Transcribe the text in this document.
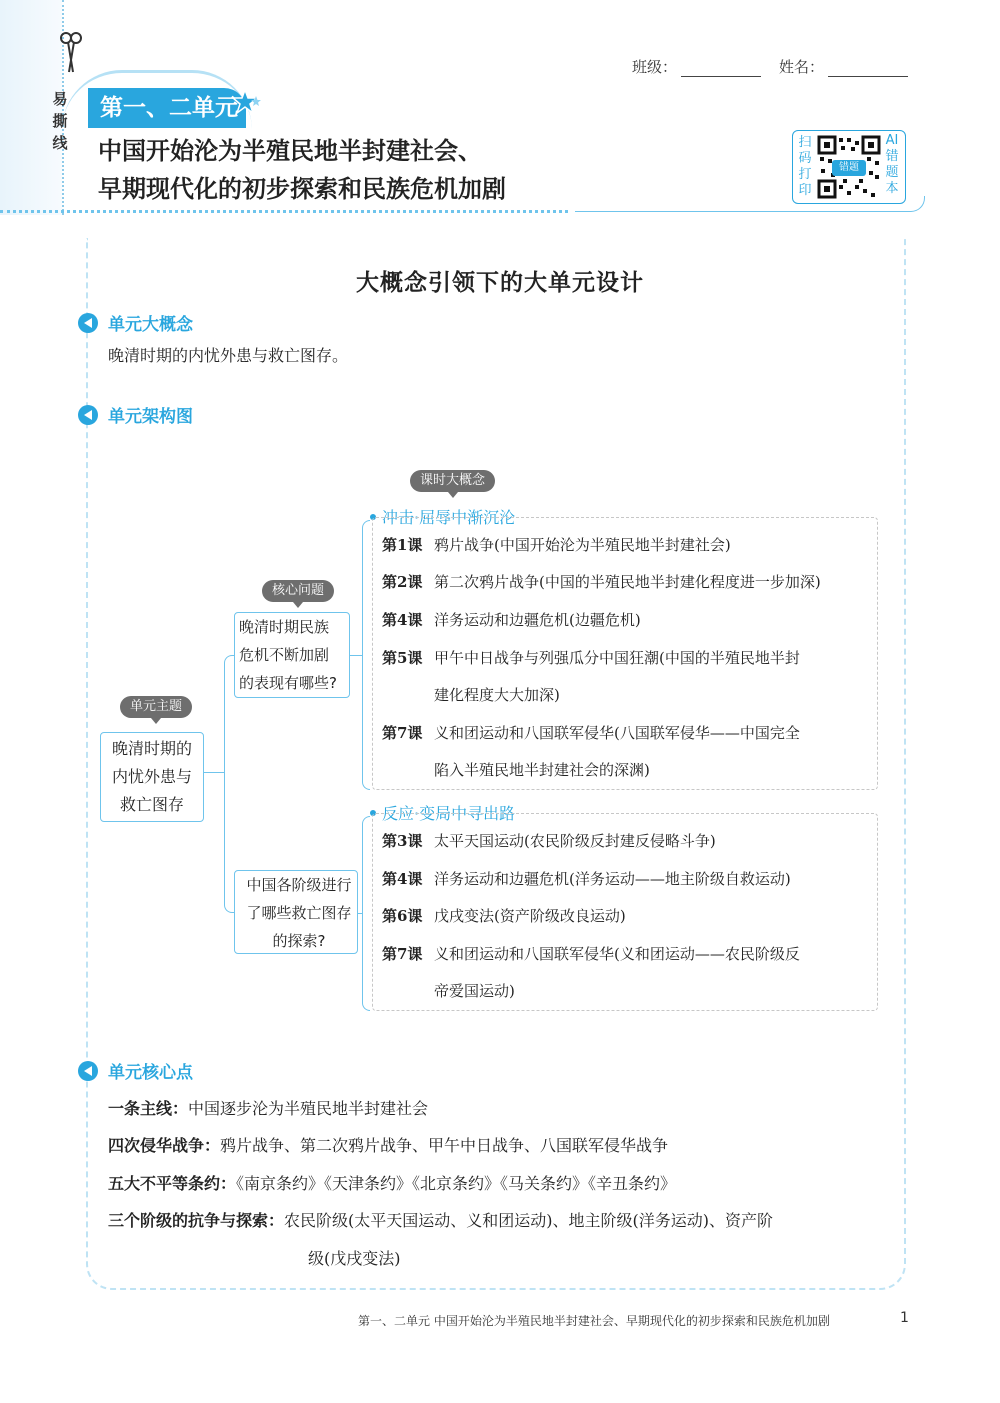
易撕线
班级：	姓名：
第一、二单元
中国开始沦为半殖民地半封建社会、
早期现代化的初步探索和民族危机加剧
扫码打印
错题
AI错题本
大概念引领下的大单元设计
单元大概念
晚清时期的内忧外患与救亡图存。
单元架构图
单元主题
晚清时期的
内忧外患与
救亡图存
核心问题
晚清时期民族
危机不断加剧
的表现有哪些?
中国各阶级进行
了哪些救亡图存
的探索?
课时大概念
冲击·屈辱中渐沉沦
第1课 鸦片战争(中国开始沦为半殖民地半封建社会)
第2课 第二次鸦片战争(中国的半殖民地半封建化程度进一步加深)
第4课 洋务运动和边疆危机(边疆危机)
第5课 甲午中日战争与列强瓜分中国狂潮(中国的半殖民地半封
建化程度大大加深)
第7课 义和团运动和八国联军侵华(八国联军侵华——中国完全
陷入半殖民地半封建社会的深渊)
反应·变局中寻出路
第3课 太平天国运动(农民阶级反封建反侵略斗争)
第4课 洋务运动和边疆危机(洋务运动——地主阶级自救运动)
第6课 戊戌变法(资产阶级改良运动)
第7课 义和团运动和八国联军侵华(义和团运动——农民阶级反
帝爱国运动)
单元核心点
一条主线：中国逐步沦为半殖民地半封建社会
四次侵华战争：鸦片战争、第二次鸦片战争、甲午中日战争、八国联军侵华战争
五大不平等条约：《南京条约》《天津条约》《北京条约》《马关条约》《辛丑条约》
三个阶级的抗争与探索：农民阶级(太平天国运动、义和团运动)、地主阶级(洋务运动)、资产阶
级(戊戌变法)
第一、二单元 中国开始沦为半殖民地半封建社会、早期现代化的初步探索和民族危机加剧	1
